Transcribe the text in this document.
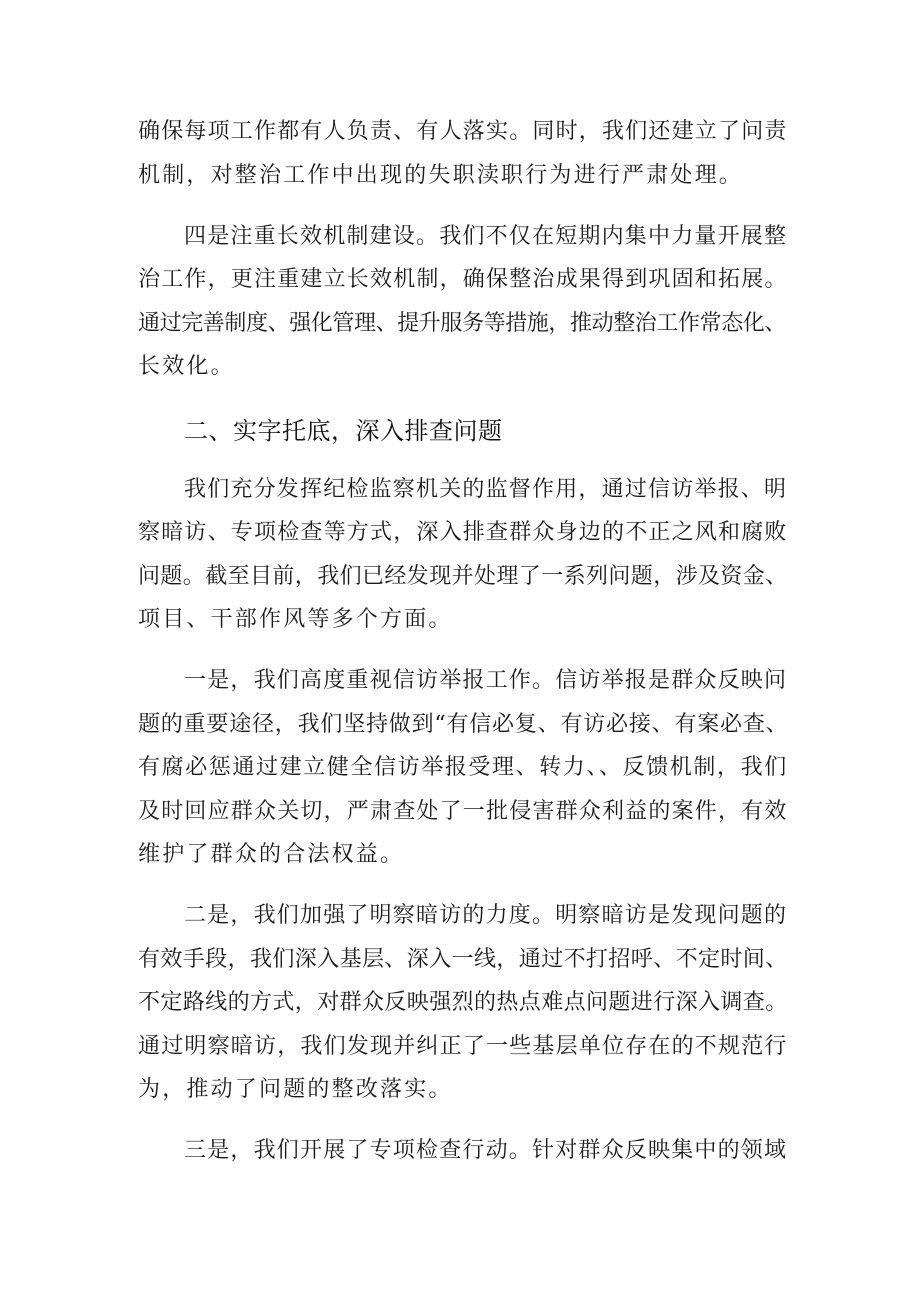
确保每项工作都有人负责、有人落实。同时，我们还建立了问责
机制，对整治工作中出现的失职渎职行为进行严肃处理。
四是注重长效机制建设。我们不仅在短期内集中力量开展整
治工作，更注重建立长效机制，确保整治成果得到巩固和拓展。
通过完善制度、强化管理、提升服务等措施，推动整治工作常态化、
长效化。
二、实字托底，深入排查问题
我们充分发挥纪检监察机关的监督作用，通过信访举报、明
察暗访、专项检查等方式，深入排查群众身边的不正之风和腐败
问题。截至目前，我们已经发现并处理了一系列问题，涉及资金、
项目、干部作风等多个方面。
一是，我们高度重视信访举报工作。信访举报是群众反映问
题的重要途径，我们坚持做到“有信必复、有访必接、有案必查、
有腐必惩通过建立健全信访举报受理、转力、、反馈机制，我们
及时回应群众关切，严肃查处了一批侵害群众利益的案件，有效
维护了群众的合法权益。
二是，我们加强了明察暗访的力度。明察暗访是发现问题的
有效手段，我们深入基层、深入一线，通过不打招呼、不定时间、
不定路线的方式，对群众反映强烈的热点难点问题进行深入调查。
通过明察暗访，我们发现并纠正了一些基层单位存在的不规范行
为，推动了问题的整改落实。
三是，我们开展了专项检查行动。针对群众反映集中的领域
